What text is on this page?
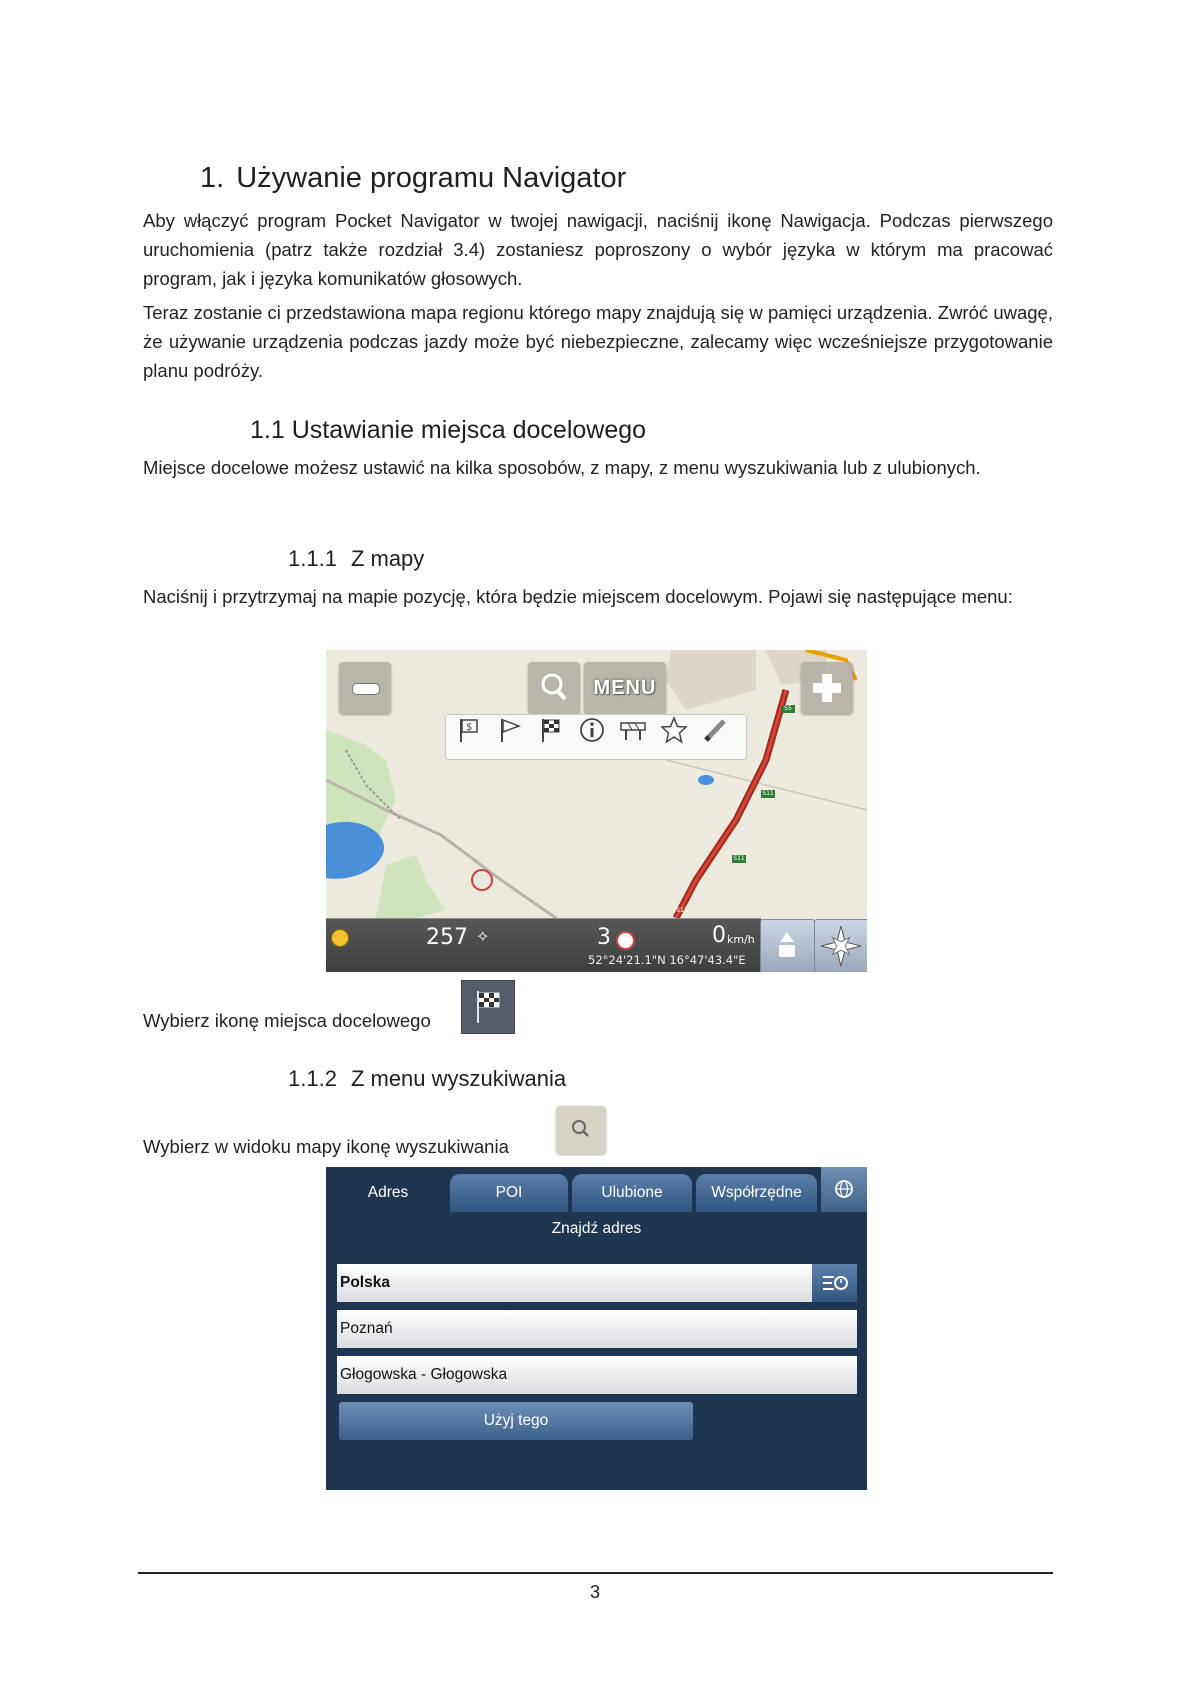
1. Używanie programu Navigator

Aby włączyć program Pocket Navigator w twojej nawigacji, naciśnij ikonę Nawigacja. Podczas pierwszego uruchomienia (patrz także rozdział 3.4) zostaniesz poproszony o wybór języka w którym ma pracować program, jak i języka komunikatów głosowych.

Teraz zostanie ci przedstawiona mapa regionu którego mapy znajdują się w pamięci urządzenia. Zwróć uwagę, że używanie urządzenia podczas jazdy może być niebezpieczne, zalecamy więc wcześniejsze przygotowanie planu podróży.

1.1 Ustawianie miejsca docelowego

Miejsce docelowe możesz ustawić na kilka sposobów, z mapy, z menu wyszukiwania lub z ulubionych.

1.1.1 Z mapy

Naciśnij i przytrzymaj na mapie pozycję, która będzie miejscem docelowym. Pojawi się następujące menu:

S5
S11
S11
S11
MENU
$
257 ✧	3	0 km/h
52°24'21.1"N 16°47'43.4"E

Wybierz ikonę miejsca docelowego

1.1.2 Z menu wyszukiwania

Wybierz w widoku mapy ikonę wyszukiwania

Adres	POI	Ulubione	Współrzędne
Znajdź adres
Polska
Poznań
Głogowska - Głogowska
Użyj tego
3
